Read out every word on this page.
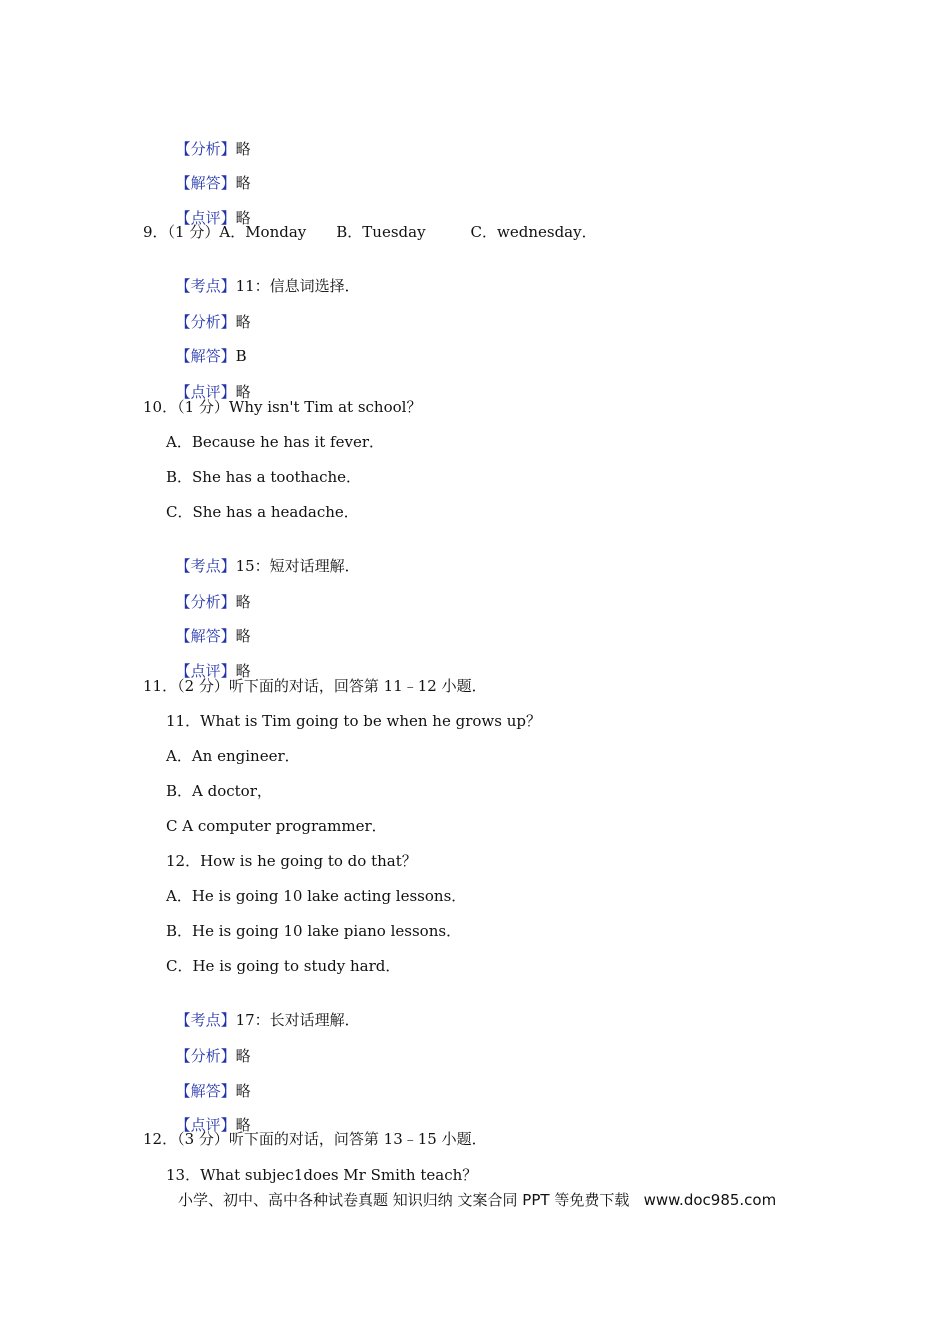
【分析】略

【解答】略

【点评】略

9．（1 分）A．Monday　　B．Tuesday　　　C．wednesday．

【考点】11：信息词选择．

【分析】略

【解答】B

【点评】略

10．（1 分）Why isn't Tim at school？
A．Because he has it fever．
B．She has a toothache．
C．She has a headache．

【考点】15：短对话理解．

【分析】略

【解答】略

【点评】略

11．（2 分）听下面的对话，回答第 11﹣12 小题．
11．What is Tim going to be when he grows up？
A．An engineer．
B．A doctor，
C A computer programmer．
12．How is he going to do that？
A．He is going 10 lake acting lessons．
B．He is going 10 lake piano lessons．
C．He is going to study hard．

【考点】17：长对话理解．

【分析】略

【解答】略

【点评】略

12．（3 分）听下面的对话，问答第 13﹣15 小题．
13．What subjec1does Mr Smith teach？
小学、初中、高中各种试卷真题 知识归纳 文案合同 PPT 等免费下载   www.doc985.com
